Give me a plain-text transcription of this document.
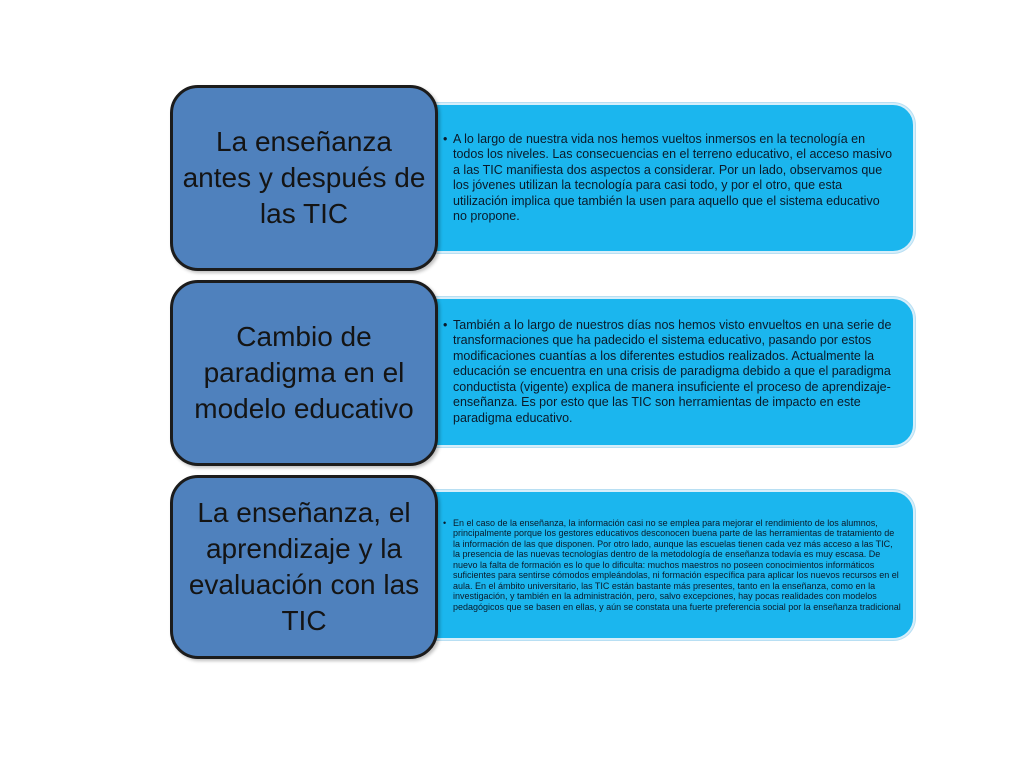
• A lo largo de nuestra vida nos hemos vueltos inmersos en la tecnología en todos los niveles. Las consecuencias en el terreno educativo, el acceso masivo a las TIC manifiesta dos aspectos a considerar. Por un lado, observamos que los jóvenes utilizan la tecnología para casi todo, y por el otro, que esta utilización implica que también la usen para aquello que el sistema educativo no propone.
La enseñanza antes y después de las TIC
• También a lo largo de nuestros días nos hemos visto envueltos en una serie de transformaciones que ha padecido el sistema educativo, pasando por estos modificaciones cuantías a los diferentes estudios realizados. Actualmente la educación se encuentra en una crisis de paradigma debido a que el paradigma conductista (vigente) explica de manera insuficiente el proceso de aprendizaje-enseñanza. Es por esto que las TIC son herramientas de impacto en este paradigma educativo.
Cambio de paradigma en el modelo educativo
• En el caso de la enseñanza, la información casi no se emplea para mejorar el rendimiento de los alumnos, principalmente porque los gestores educativos desconocen buena parte de las herramientas de tratamiento de la información de las que disponen. Por otro lado, aunque las escuelas tienen cada vez más acceso a las TIC, la presencia de las nuevas tecnologías dentro de la metodología de enseñanza todavía es muy escasa. De nuevo la falta de formación es lo que lo dificulta: muchos maestros no poseen conocimientos informáticos suficientes para sentirse cómodos empleándolas, ni formación específica para aplicar los nuevos recursos en el aula. En el ámbito universitario, las TIC están bastante más presentes, tanto en la enseñanza, como en la investigación, y también en la administración, pero, salvo excepciones, hay pocas realidades con modelos pedagógicos que se basen en ellas, y aún se constata una fuerte preferencia social por la enseñanza tradicional
La enseñanza, el aprendizaje y la evaluación con las TIC
